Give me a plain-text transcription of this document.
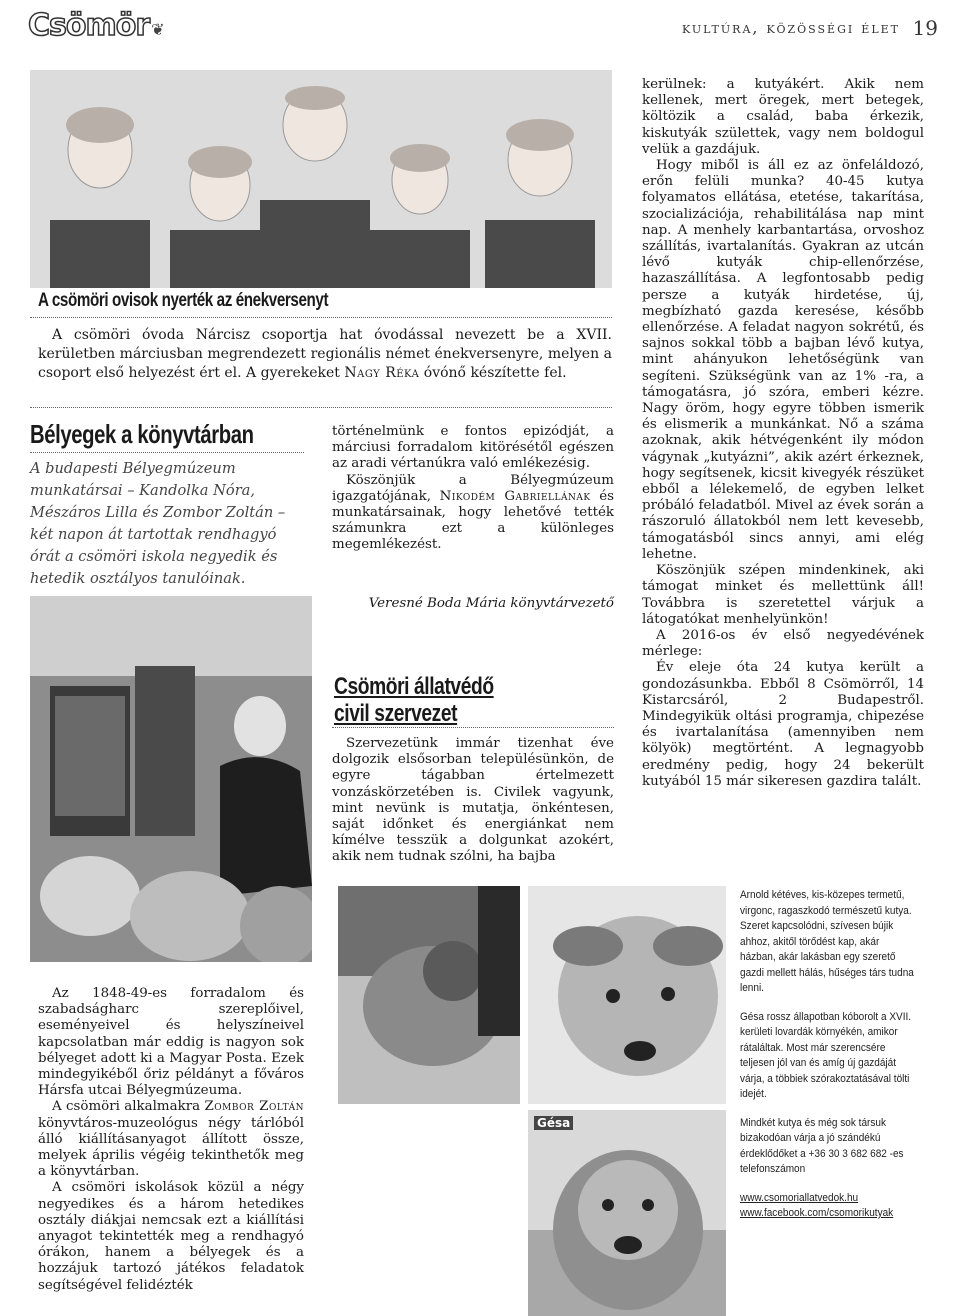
Csömör ❦	kultúra, közösségi élet 19
A csömöri ovisok nyerték az énekversenyt

A csömöri óvoda Nárcisz csoportja hat óvodással nevezett be a XVII. kerületben márciusban megrendezett regionális német énekversenyre, melyen a csoport első helyezést ért el. A gyerekeket Nagy Réka óvónő készítette fel.

Bélyegek a könyvtárban
A budapesti Bélyegmúzeum munkatársai – Kandolka Nóra, Mészáros Lilla és Zombor Zoltán – két napon át tartottak rendhagyó órát a csömöri iskola negyedik és hetedik osztályos tanulóinak.

Az 1848-49-es forradalom és szabadságharc szereplőivel, eseményeivel és helyszíneivel kapcsolatban már eddig is nagyon sok bélyeget adott ki a Magyar Posta. Ezek mindegyikéből őriz példányt a főváros Hársfa utcai Bélyegmúzeuma.

A csömöri alkalmakra Zombor Zoltán könyvtáros-muzeológus négy tárlóból álló kiállításanyagot állított össze, melyek április végéig tekinthetők meg a könyvtárban.

A csömöri iskolások közül a négy negyedikes és a három hetedikes osztály diákjai nemcsak ezt a kiállítási anyagot tekintették meg a rendhagyó órákon, hanem a bélyegek és a hozzájuk tartozó játékos feladatok segítségével felidézték

történelmünk e fontos epizódját, a márciusi forradalom kitörésétől egészen az aradi vértanúkra való emlékezésig.

Köszönjük a Bélyegmúzeum igazgatójának, Nikodém Gabriellának és munkatársainak, hogy lehetővé tették számunkra ezt a különleges megemlékezést.

Veresné Boda Mária könyvtárvezető
Csömöri állatvédő
civil szervezet

Szervezetünk immár tizenhat éve dolgozik elsősorban településünkön, de egyre tágabban értelmezett vonzáskörzetében is. Civilek vagyunk, mint nevünk is mutatja, önkéntesen, saját időnket és energiánkat nem kímélve tesszük a dolgunkat azokért, akik nem tudnak szólni, ha bajba

kerülnek: a kutyákért. Akik nem kellenek, mert öregek, mert betegek, költözik a család, baba érkezik, kiskutyák születtek, vagy nem boldogul velük a gazdájuk.

Hogy miből is áll ez az önfeláldozó, erőn felüli munka? 40-45 kutya folyamatos ellátása, etetése, takarítása, szocializációja, rehabilitálása nap mint nap. A menhely karbantartása, orvoshoz szállítás, ivartalanítás. Gyakran az utcán lévő kutyák chip-ellenőrzése, hazaszállítása. A legfontosabb pedig persze a kutyák hirdetése, új, megbízható gazda keresése, később ellenőrzése. A feladat nagyon sokrétű, és sajnos sokkal több a bajban lévő kutya, mint ahányukon lehetőségünk van segíteni. Szükségünk van az 1% -ra, a támogatásra, jó szóra, emberi kézre. Nagy öröm, hogy egyre többen ismerik és elismerik a munkánkat. Nő a száma azoknak, akik hétvégenként ily módon vágynak „kutyázni”, akik azért érkeznek, hogy segítsenek, kicsit kivegyék részüket ebből a lélekemelő, de egyben lelket próbáló feladatból. Mivel az évek során a rászoruló állatokból nem lett kevesebb, támogatásból sincs annyi, ami elég lehetne.

Köszönjük szépen mindenkinek, aki támogat minket és mellettünk áll! Továbbra is szeretettel várjuk a látogatókat menhelyünkön!

A 2016-os év első negyedévének mérlege:

Év eleje óta 24 kutya került a gondozásunkba. Ebből 8 Csömörről, 14 Kistarcsáról, 2 Budapestről. Mindegyikük oltási programja, chipezése és ivartalanítása (amennyiben nem kölyök) megtörtént. A legnagyobb eredmény pedig, hogy 24 bekerült kutyából 15 már sikeresen gazdira talált.

Gésa

Arnold kétéves, kis-közepes termetű, virgonc, ragaszkodó természetű kutya. Szeret kapcsolódni, szívesen bújik ahhoz, akitől törődést kap, akár házban, akár lakásban egy szerető gazdi mellett hálás, hűséges társ tudna lenni.

Gésa rossz állapotban kóborolt a XVII. kerületi lovardák környékén, amikor rátaláltak. Most már szerencsére teljesen jól van és amíg új gazdáját várja, a többiek szórakoztatásával tölti idejét.

Mindkét kutya és még sok társuk bizakodóan várja a jó szándékú érdeklődőket a +36 30 3 682 682 -es telefonszámon

www.csomoriallatvedok.hu
www.facebook.com/csomorikutyak
